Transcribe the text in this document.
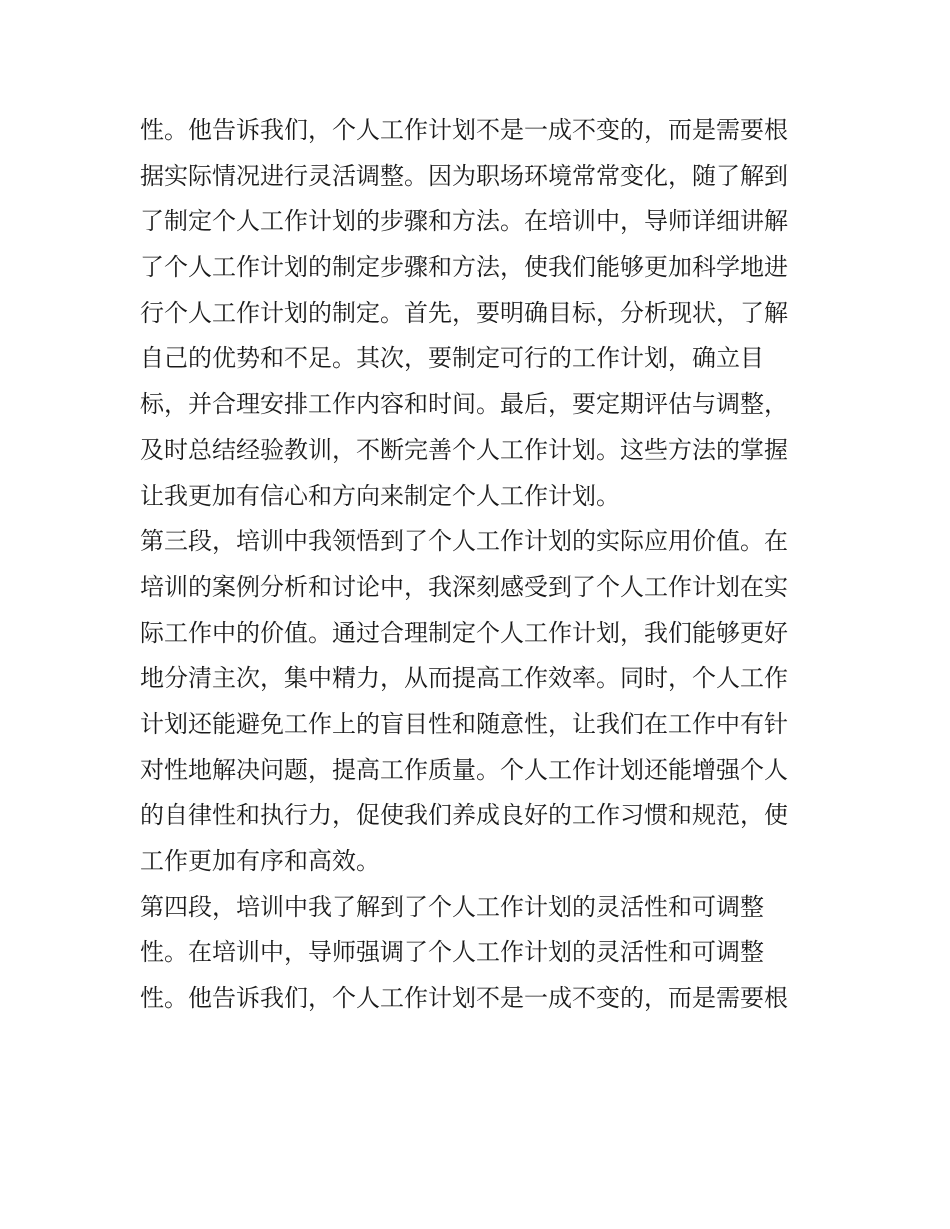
性。他告诉我们，个人工作计划不是一成不变的，而是需要根
据实际情况进行灵活调整。因为职场环境常常变化，随了解到
了制定个人工作计划的步骤和方法。在培训中，导师详细讲解
了个人工作计划的制定步骤和方法，使我们能够更加科学地进
行个人工作计划的制定。首先，要明确目标，分析现状，了解
自己的优势和不足。其次，要制定可行的工作计划，确立目
标，并合理安排工作内容和时间。最后，要定期评估与调整，
及时总结经验教训，不断完善个人工作计划。这些方法的掌握
让我更加有信心和方向来制定个人工作计划。
第三段，培训中我领悟到了个人工作计划的实际应用价值。在
培训的案例分析和讨论中，我深刻感受到了个人工作计划在实
际工作中的价值。通过合理制定个人工作计划，我们能够更好
地分清主次，集中精力，从而提高工作效率。同时，个人工作
计划还能避免工作上的盲目性和随意性，让我们在工作中有针
对性地解决问题，提高工作质量。个人工作计划还能增强个人
的自律性和执行力，促使我们养成良好的工作习惯和规范，使
工作更加有序和高效。
第四段，培训中我了解到了个人工作计划的灵活性和可调整
性。在培训中，导师强调了个人工作计划的灵活性和可调整
性。他告诉我们，个人工作计划不是一成不变的，而是需要根
